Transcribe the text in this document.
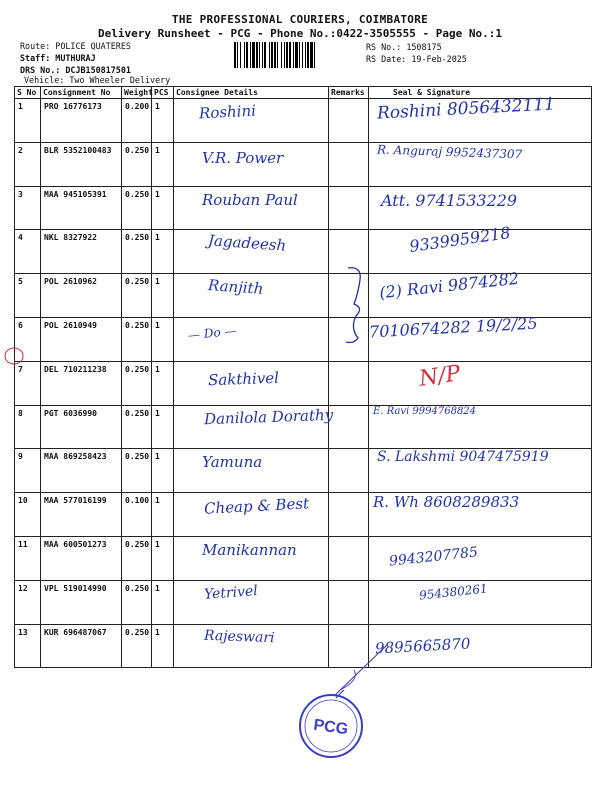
THE PROFESSIONAL COURIERS, COIMBATORE
Delivery Runsheet - PCG - Phone No.:0422-3505555 - Page No.:1
Route: POLICE QUATERES
Staff: MUTHURAJ
DRS No.: DCJB150817501
Vehicle: Two Wheeler Delivery
RS No.: 1508175
RS Date: 19-Feb-2025
S No	Consignment No	Weight	PCS	Consignee Details	Remarks	Seal & Signature
1	PRO 16776173	0.200	1	Roshini		Roshini 8056432111

2	BLR 5352100483	0.250	1	V.R. Power		R. Anguraj 9952437307

3	MAA 945105391	0.250	1	Rouban Paul		Att. 9741533229

4	NKL 8327922	0.250	1	Jagadeesh		9339959218

5	POL 2610962	0.250	1	Ranjith		(2) Ravi 9874282

6	POL 2610949	0.250	1	— Do —		7010674282 19/2/25

7	DEL 710211238	0.250	1	Sakthivel		N/P

8	PGT 6036990	0.250	1	Danilola Dorathy		E. Ravi 9994768824

9	MAA 869258423	0.250	1	Yamuna		S. Lakshmi 9047475919

10	MAA 577016199	0.100	1	Cheap & Best		R. Wh 8608289833

11	MAA 600501273	0.250	1	Manikannan		9943207785

12	VPL 519014990	0.250	1	Yetrivel		954380261

13	KUR 696487067	0.250	1	Rajeswari		9895665870
PCG
